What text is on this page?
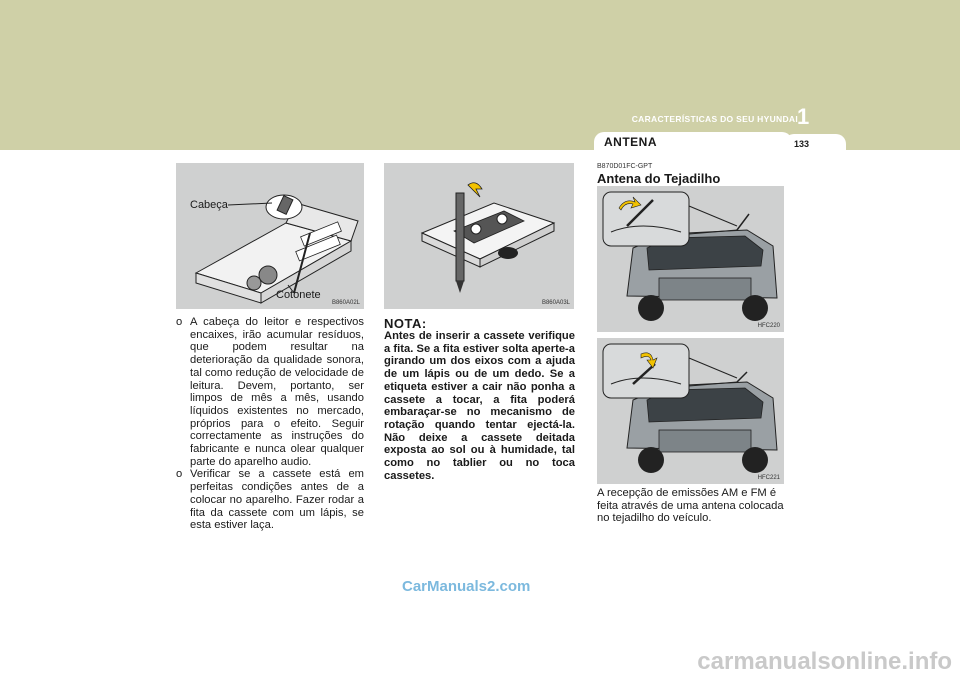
CARACTERÍSTICAS DO SEU HYUNDAI 1
ANTENA	133
Cabeça
Cotonete
B860A02L	B860A03L
HFC220
HFC221
o A cabeça do leitor e respectivos encaixes, irão acumular resíduos, que podem resultar na deterioração da qualidade sonora, tal como redução de velocidade de leitura. Devem, portanto, ser limpos de mês a mês, usando líquidos existentes no mercado, próprios para o efeito. Seguir correctamente as instruções do fabricante e nunca olear qualquer parte do aparelho audio.
o Verificar se a cassete está em perfeitas condições antes de a colocar no aparelho. Fazer rodar a fita da cassete com um lápis, se esta estiver laça.
NOTA:
Antes de inserir a cassete verifique a fita. Se a fita estiver solta aperte-a girando um dos eixos com a ajuda de um lápis ou de um dedo. Se a etiqueta estiver a cair não ponha a cassete a tocar, a fita poderá embaraçar-se no mecanismo de rotação quando tentar ejectá-la. Não deixe a cassete deitada exposta ao sol ou à humidade, tal como no tablier ou no toca cassetes.
B870D01FC-GPT
Antena do Tejadilho
A recepção de emissões AM e FM é feita através de uma antena colocada no tejadilho do veículo.
CarManuals2.com
carmanualsonline.info
